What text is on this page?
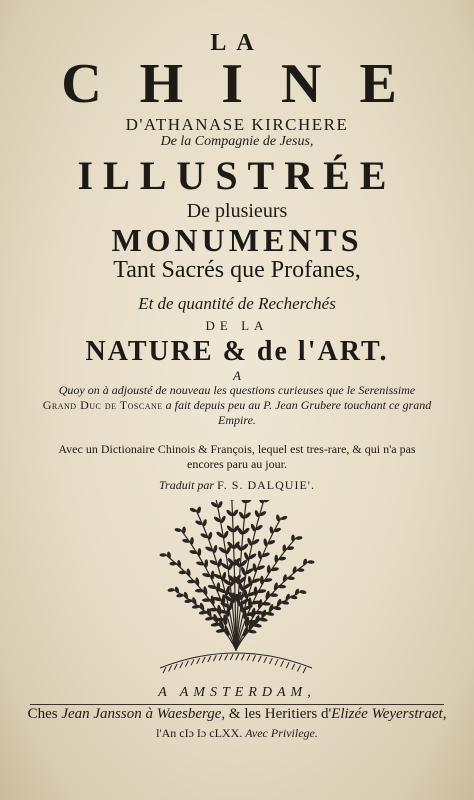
LA
CHINE
D'ATHANASE KIRCHERE
De la Compagnie de Jesus,
ILLUSTRÉE
De plusieurs
MONUMENTS
Tant Sacrés que Profanes,
Et de quantité de Recherchés
DE LA
NATURE & de l'ART.
A
Quoy on à adjousté de nouveau les questions curieuses que le Serenissime Grand Duc de Toscane a fait depuis peu au P. Jean Grubere touchant ce grand Empire.
Avec un Dictionaire Chinois & François, lequel est tres-rare, & qui n'a pas encores paru au jour.
Traduit par F. S. DALQUIE'.
A AMSTERDAM,
Ches Jean Jansson à Waesberge, & les Heritiers d'Elizée Weyerstraet,
l'An cIɔ Iɔ cLXX. Avec Privilege.
